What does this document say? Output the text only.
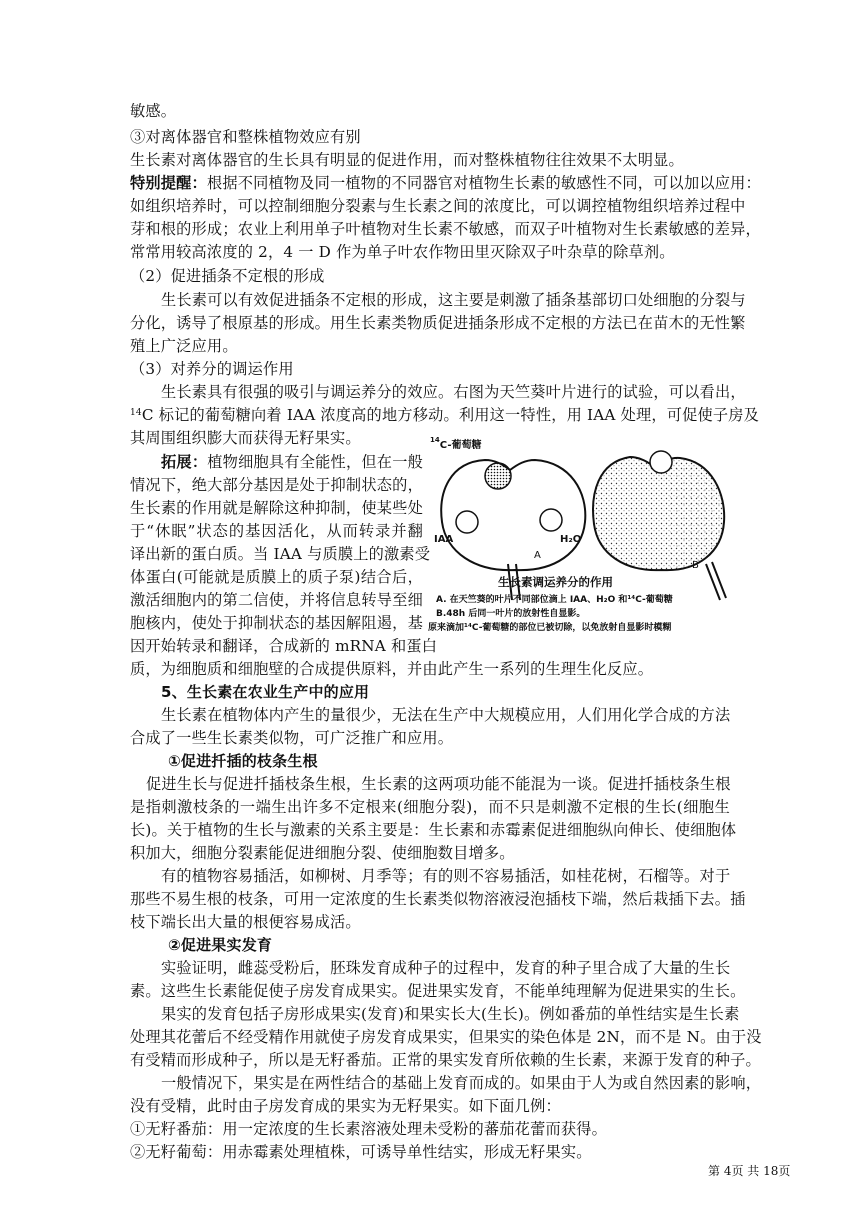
敏感。
③对离体器官和整株植物效应有别
生长素对离体器官的生长具有明显的促进作用，而对整株植物往往效果不太明显。
特别提醒：根据不同植物及同一植物的不同器官对植物生长素的敏感性不同，可以加以应用：
如组织培养时，可以控制细胞分裂素与生长素之间的浓度比，可以调控植物组织培养过程中
芽和根的形成；农业上利用单子叶植物对生长素不敏感，而双子叶植物对生长素敏感的差异，
常常用较高浓度的 2，4 一 D 作为单子叶农作物田里灭除双子叶杂草的除草剂。
（2）促进插条不定根的形成
生长素可以有效促进插条不定根的形成，这主要是刺激了插条基部切口处细胞的分裂与
分化，诱导了根原基的形成。用生长素类物质促进插条形成不定根的方法已在苗木的无性繁
殖上广泛应用。
（3）对养分的调运作用
生长素具有很强的吸引与调运养分的效应。右图为天竺葵叶片进行的试验，可以看出，
$^{14}$C 标记的葡萄糖向着 IAA 浓度高的地方移动。利用这一特性，用 IAA 处理，可促使子房及
其周围组织膨大而获得无籽果实。
拓展：植物细胞具有全能性，但在一般
情况下，绝大部分基因是处于抑制状态的，
生长素的作用就是解除这种抑制，使某些处
于“休眠”状态的基因活化，从而转录并翻
译出新的蛋白质。当 IAA 与质膜上的激素受
体蛋白(可能就是质膜上的质子泵)结合后，
激活细胞内的第二信使，并将信息转导至细
胞核内，使处于抑制状态的基因解阻遏，基
因开始转录和翻译，合成新的 mRNA 和蛋白
质，为细胞质和细胞壁的合成提供原料，并由此产生一系列的生理生化反应。
$^{14}$C-葡萄糖
IAA	H₂O
A
B
生长素调运养分的作用
A. 在天竺葵的叶片不同部位滴上 IAA、H₂O 和¹⁴C-葡萄糖
B.48h 后同一叶片的放射性自显影。
原来滴加¹⁴C-葡萄糖的部位已被切除，以免放射自显影时模糊
5、生长素在农业生产中的应用
生长素在植物体内产生的量很少，无法在生产中大规模应用，人们用化学合成的方法
合成了一些生长素类似物，可广泛推广和应用。
①促进扦插的枝条生根
促进生长与促进扦插枝条生根，生长素的这两项功能不能混为一谈。促进扦插枝条生根
是指刺激枝条的一端生出许多不定根来(细胞分裂)，而不只是刺激不定根的生长(细胞生
长)。关于植物的生长与激素的关系主要是：生长素和赤霉素促进细胞纵向伸长、使细胞体
积加大，细胞分裂素能促进细胞分裂、使细胞数目增多。
有的植物容易插活，如柳树、月季等；有的则不容易插活，如桂花树，石榴等。对于
那些不易生根的枝条，可用一定浓度的生长素类似物溶液浸泡插枝下端，然后栽插下去。插
枝下端长出大量的根便容易成活。
②促进果实发育
实验证明，雌蕊受粉后，胚珠发育成种子的过程中，发育的种子里合成了大量的生长
素。这些生长素能促使子房发育成果实。促进果实发育，不能单纯理解为促进果实的生长。
果实的发育包括子房形成果实(发育)和果实长大(生长)。例如番茄的单性结实是生长素
处理其花蕾后不经受精作用就使子房发育成果实，但果实的染色体是 2N，而不是 N。由于没
有受精而形成种子，所以是无籽番茄。正常的果实发育所依赖的生长素，来源于发育的种子。
一般情况下，果实是在两性结合的基础上发育而成的。如果由于人为或自然因素的影响，
没有受精，此时由子房发育成的果实为无籽果实。如下面几例：
①无籽番茄：用一定浓度的生长素溶液处理未受粉的蕃茄花蕾而获得。
②无籽葡萄：用赤霉素处理植株，可诱导单性结实，形成无籽果实。
第 4页 共 18页
